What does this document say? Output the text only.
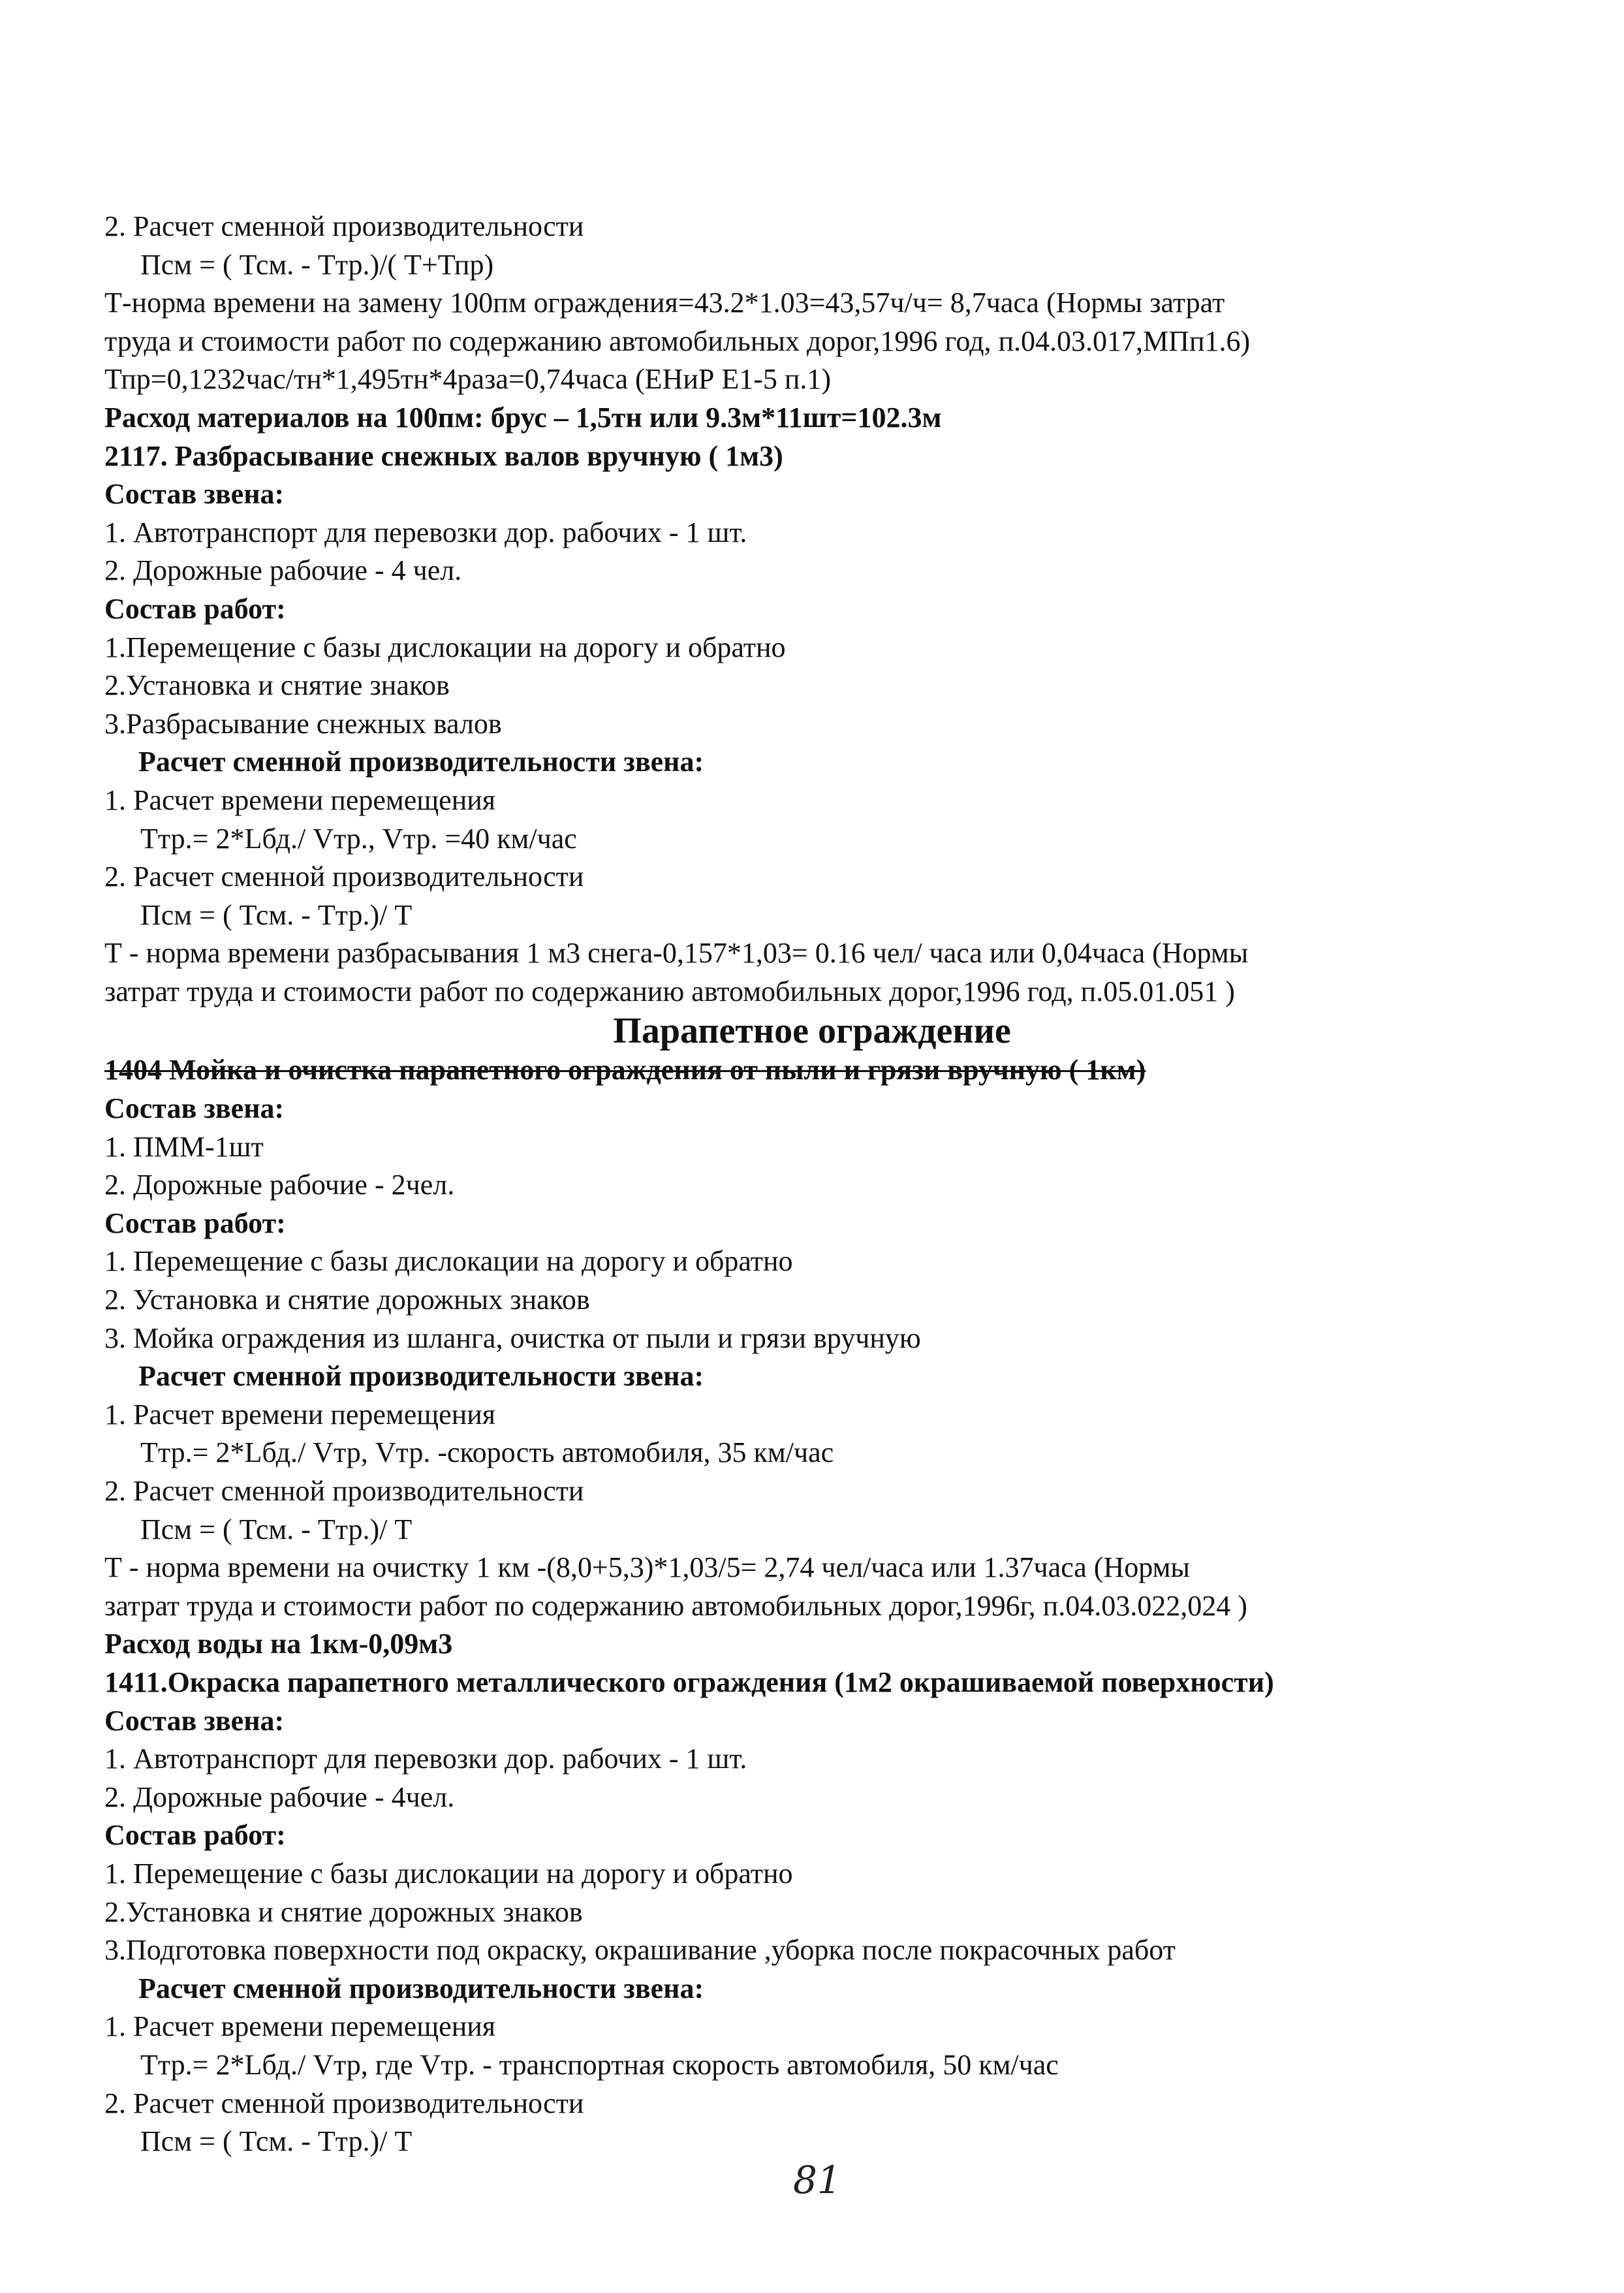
2. Расчет сменной производительности
Псм = ( Тсм. - Ттр.)/( Т+Тпр)
Т-норма времени на замену 100пм ограждения=43.2*1.03=43,57ч/ч= 8,7часа (Нормы затрат
труда и стоимости работ по содержанию автомобильных дорог,1996 год, п.04.03.017,МПп1.6)
Тпр=0,1232час/тн*1,495тн*4раза=0,74часа (ЕНиР Е1-5 п.1)
Расход материалов на 100пм: брус – 1,5тн или 9.3м*11шт=102.3м
2117. Разбрасывание снежных валов вручную ( 1м3)
Состав звена:
1. Автотранспорт для перевозки дор. рабочих - 1 шт.
2. Дорожные рабочие - 4 чел.
Состав работ:
1.Перемещение с базы дислокации на дорогу и обратно
2.Установка и снятие знаков
3.Разбрасывание снежных валов
Расчет сменной производительности звена:
1. Расчет времени перемещения
Ттр.= 2*Lбд./ Vтр., Vтр. =40 км/час
2. Расчет сменной производительности
Псм = ( Тсм. - Ттр.)/ Т
Т - норма времени разбрасывания 1 м3 снега-0,157*1,03= 0.16 чел/ часа или 0,04часа (Нормы
затрат труда и стоимости работ по содержанию автомобильных дорог,1996 год, п.05.01.051 )
Парапетное ограждение
1404 Мойка и очистка парапетного ограждения от пыли и грязи вручную ( 1км)
Состав звена:
1. ПММ-1шт
2. Дорожные рабочие - 2чел.
Состав работ:
1. Перемещение с базы дислокации на дорогу и обратно
2. Установка и снятие дорожных знаков
3. Мойка ограждения из шланга, очистка от пыли и грязи вручную
Расчет сменной производительности звена:
1. Расчет времени перемещения
Ттр.= 2*Lбд./ Vтр, Vтр. -скорость автомобиля, 35 км/час
2. Расчет сменной производительности
Псм = ( Тсм. - Ттр.)/ Т
Т - норма времени на очистку 1 км -(8,0+5,3)*1,03/5= 2,74 чел/часа или 1.37часа (Нормы
затрат труда и стоимости работ по содержанию автомобильных дорог,1996г, п.04.03.022,024 )
Расход воды на 1км-0,09м3
1411.Окраска парапетного металлического ограждения (1м2 окрашиваемой поверхности)
Состав звена:
1. Автотранспорт для перевозки дор. рабочих - 1 шт.
2. Дорожные рабочие - 4чел.
Состав работ:
1. Перемещение с базы дислокации на дорогу и обратно
2.Установка и снятие дорожных знаков
3.Подготовка поверхности под окраску, окрашивание ,уборка после покрасочных работ
Расчет сменной производительности звена:
1. Расчет времени перемещения
Ттр.= 2*Lбд./ Vтр, где Vтр. - транспортная скорость автомобиля, 50 км/час
2. Расчет сменной производительности
Псм = ( Тсм. - Ттр.)/ Т
81
